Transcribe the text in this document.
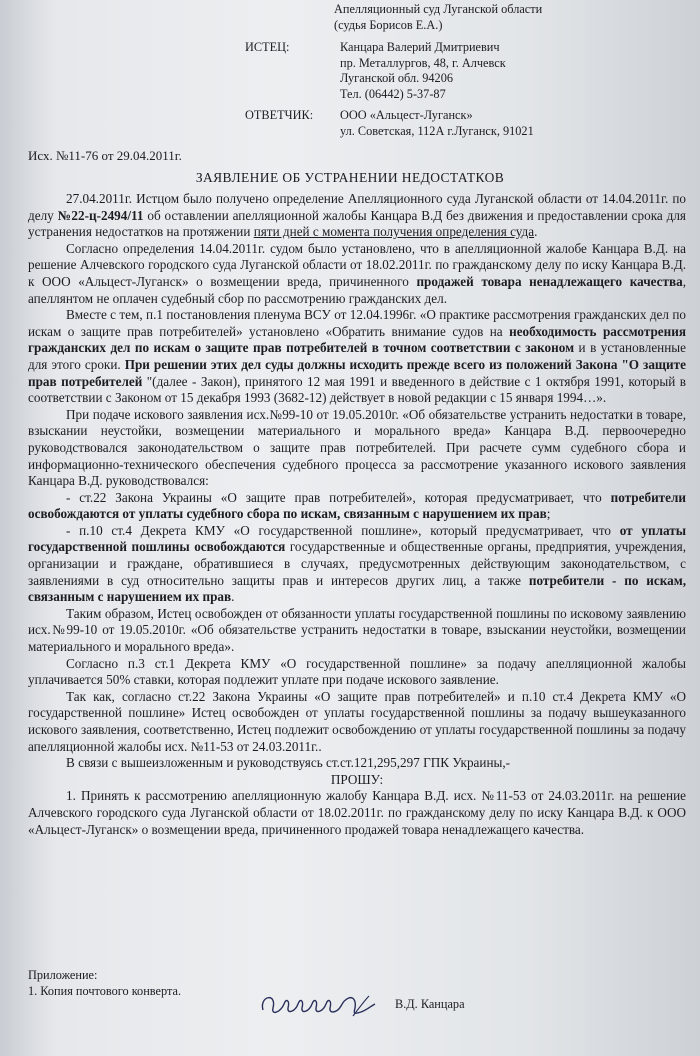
Апелляционный суд Луганской области
(судья Борисов Е.А.)
ИСТЕЦ:	Канцара Валерий Дмитриевич
пр. Металлургов, 48, г. Алчевск
Луганской обл. 94206
Тел. (06442) 5-37-87
ОТВЕТЧИК: ООО «Альцест-Луганск»
ул. Советская, 112А г.Луганск, 91021
Исх. №11-76 от 29.04.2011г.
ЗАЯВЛЕНИЕ ОБ УСТРАНЕНИИ НЕДОСТАТКОВ

27.04.2011г. Истцом было получено определение Апелляционного суда Луганской области от 14.04.2011г. по делу №22-ц-2494/11 об оставлении апелляционной жалобы Канцара В.Д без движения и предоставлении срока для устранения недостатков на протяжении пяти дней с момента получения определения суда.

Согласно определения 14.04.2011г. судом было установлено, что в апелляционной жалобе Канцара В.Д. на решение Алчевского городского суда Луганской области от 18.02.2011г. по гражданскому делу по иску Канцара В.Д. к ООО «Альцест-Луганск» о возмещении вреда, причиненного продажей товара ненадлежащего качества, апеллянтом не оплачен судебный сбор по рассмотрению гражданских дел.

Вместе с тем, п.1 постановления пленума ВСУ от 12.04.1996г. «О практике рассмотрения гражданских дел по искам о защите прав потребителей» установлено «Обратить внимание судов на необходимость рассмотрения гражданских дел по искам о защите прав потребителей в точном соответствии с законом и в установленные для этого сроки. При решении этих дел суды должны исходить прежде всего из положений Закона "О защите прав потребителей "(далее - Закон), принятого 12 мая 1991 и введенного в действие с 1 октября 1991, который в соответствии с Законом от 15 декабря 1993 (3682-12) действует в новой редакции с 15 января 1994…».

При подаче искового заявления исх.№99-10 от 19.05.2010г. «Об обязательстве устранить недостатки в товаре, взыскании неустойки, возмещении материального и морального вреда» Канцара В.Д. первоочередно руководствовался законодательством о защите прав потребителей. При расчете сумм судебного сбора и информационно-технического обеспечения судебного процесса за рассмотрение указанного искового заявления Канцара В.Д. руководствовался:

- ст.22 Закона Украины «О защите прав потребителей», которая предусматривает, что потребители освобождаются от уплаты судебного сбора по искам, связанным с нарушением их прав;

- п.10 ст.4 Декрета КМУ «О государственной пошлине», который предусматривает, что от уплаты государственной пошлины освобождаются государственные и общественные органы, предприятия, учреждения, организации и граждане, обратившиеся в случаях, предусмотренных действующим законодательством, с заявлениями в суд относительно защиты прав и интересов других лиц, а также потребители - по искам, связанным с нарушением их прав.

Таким образом, Истец освобожден от обязанности уплаты государственной пошлины по исковому заявлению исх.№99-10 от 19.05.2010г. «Об обязательстве устранить недостатки в товаре, взыскании неустойки, возмещении материального и морального вреда».

Согласно п.3 ст.1 Декрета КМУ «О государственной пошлине» за подачу апелляционной жалобы уплачивается 50% ставки, которая подлежит уплате при подаче искового заявление.

Так как, согласно ст.22 Закона Украины «О защите прав потребителей» и п.10 ст.4 Декрета КМУ «О государственной пошлине» Истец освобожден от уплаты государственной пошлины за подачу вышеуказанного искового заявления, соответственно, Истец подлежит освобождению от уплаты государственной пошлины за подачу апелляционной жалобы исх. №11-53 от 24.03.2011г..

В связи с вышеизложенным и руководствуясь ст.ст.121,295,297 ГПК Украины,-

ПРОШУ:

1. Принять к рассмотрению апелляционную жалобу Канцара В.Д. исх. №11-53 от 24.03.2011г. на решение Алчевского городского суда Луганской области от 18.02.2011г. по гражданскому делу по иску Канцара В.Д. к ООО «Альцест-Луганск» о возмещении вреда, причиненного продажей товара ненадлежащего качества.

Приложение:
1. Копия почтового конверта.
В.Д. Канцара
